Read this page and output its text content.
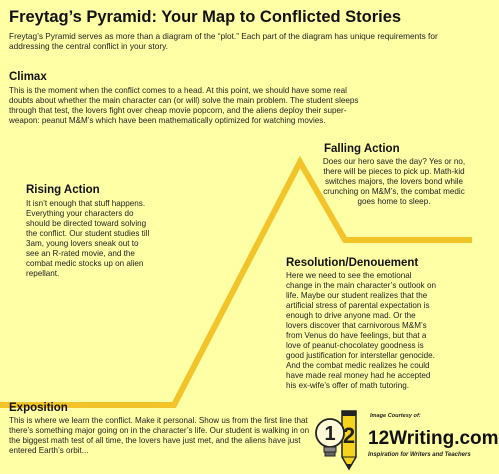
Freytag’s Pyramid: Your Map to Conflicted Stories
Freytag’s Pyramid serves as more than a diagram of the “plot.” Each part of the diagram has unique requirements for addressing the central conflict in your story.
Climax
This is the moment when the conflict comes to a head. At this point, we should have some real doubts about whether the main character can (or will) solve the main problem. The student sleeps through that test, the lovers fight over cheap movie popcorn, and the aliens deploy their super-weapon: peanut M&M’s which have been mathematically optimized for watching movies.
Falling Action
Does our hero save the day? Yes or no, there will be pieces to pick up. Math-kid switches majors, the lovers bond while crunching on M&M’s, the combat medic goes home to sleep.
Rising Action
It isn’t enough that stuff happens. Everything your characters do should be directed toward solving the conflict. Our student studies till 3am, young lovers sneak out to see an R-rated movie, and the combat medic stocks up on alien repellant.
Resolution/Denouement
Here we need to see the emotional change in the main character’s outlook on life. Maybe our student realizes that the artificial stress of parental expectation is enough to drive anyone mad. Or the lovers discover that carnivorous M&M’s from Venus do have feelings, but that a love of peanut-chocolatey goodness is good justification for interstellar genocide. And the combat medic realizes he could have made real money had he accepted his ex-wife’s offer of math tutoring.
Exposition
This is where we learn the conflict. Make it personal. Show us from the first line that there’s something major going on in the character’s life. Our student is walking in on the biggest math test of all time, the lovers have just met, and the aliens have just entered Earth’s orbit...
1 2
Image Courtesy of:
12Writing.com
Inspiration for Writers and Teachers
